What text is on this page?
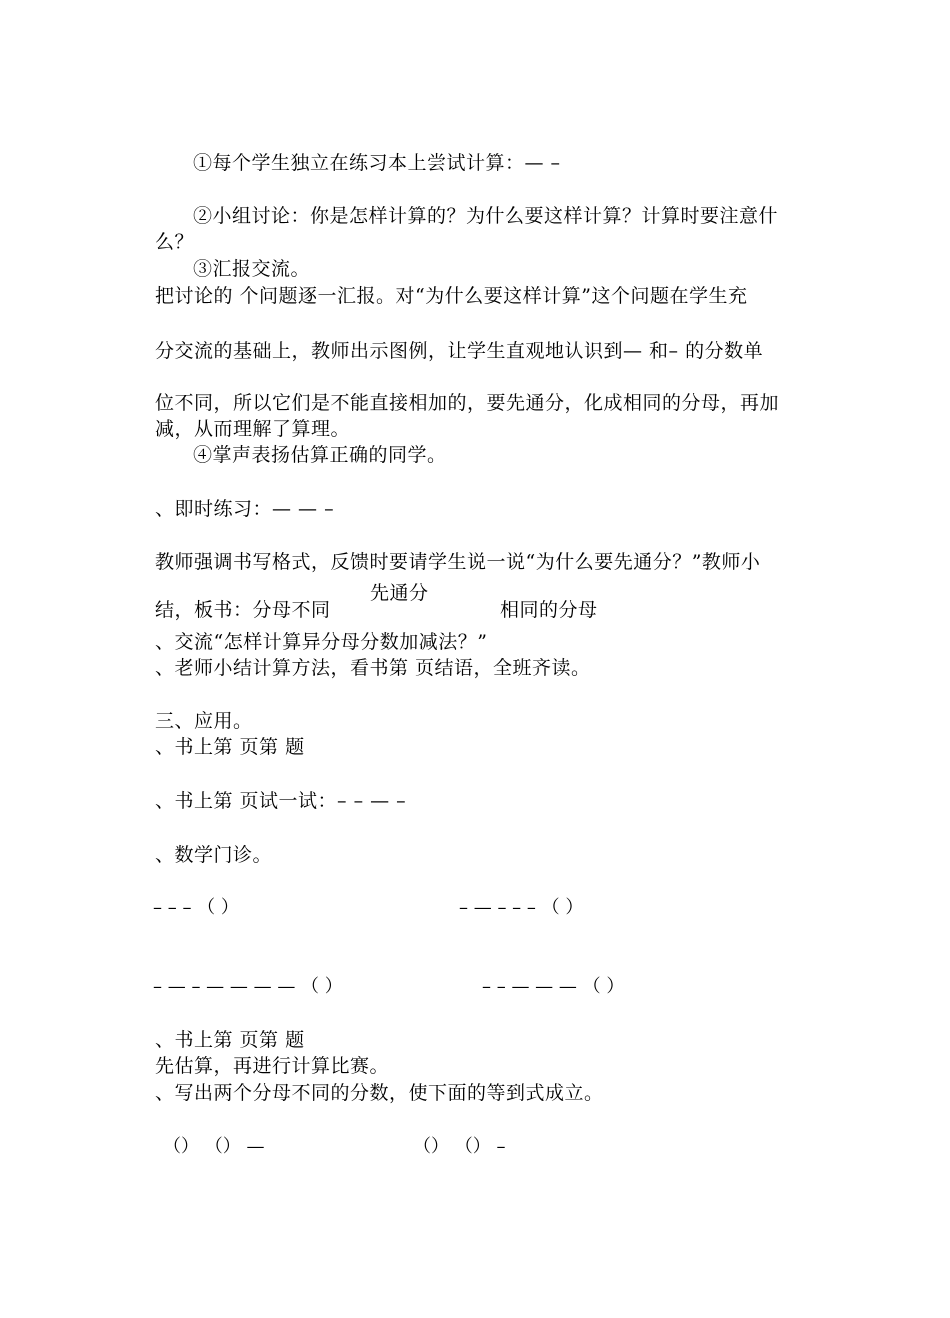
①每个学生独立在练习本上尝试计算：— –
②小组讨论：你是怎样计算的？为什么要这样计算？计算时要注意什
么？
③汇报交流。
把讨论的 个问题逐一汇报。对“为什么要这样计算”这个问题在学生充
分交流的基础上，教师出示图例，让学生直观地认识到— 和– 的分数单
位不同，所以它们是不能直接相加的，要先通分，化成相同的分母，再加
减，从而理解了算理。
④掌声表扬估算正确的同学。
、即时练习：— — –
教师强调书写格式，反馈时要请学生说一说“为什么要先通分？”教师小
结，板书：分母不同
先通分
相同的分母
、交流“怎样计算异分母分数加减法？”
、老师小结计算方法，看书第 页结语，全班齐读。
三、应用。
、书上第 页第 题
、书上第 页试一试：– – — –
、数学门诊。
– – – （ ）	– — – – – （ ）
– — – — — — — （ ）	– – — — — （ ）
、书上第 页第 题
先估算，再进行计算比赛。
、写出两个分母不同的分数，使下面的等到式成立。
（） （） —	（） （） –
